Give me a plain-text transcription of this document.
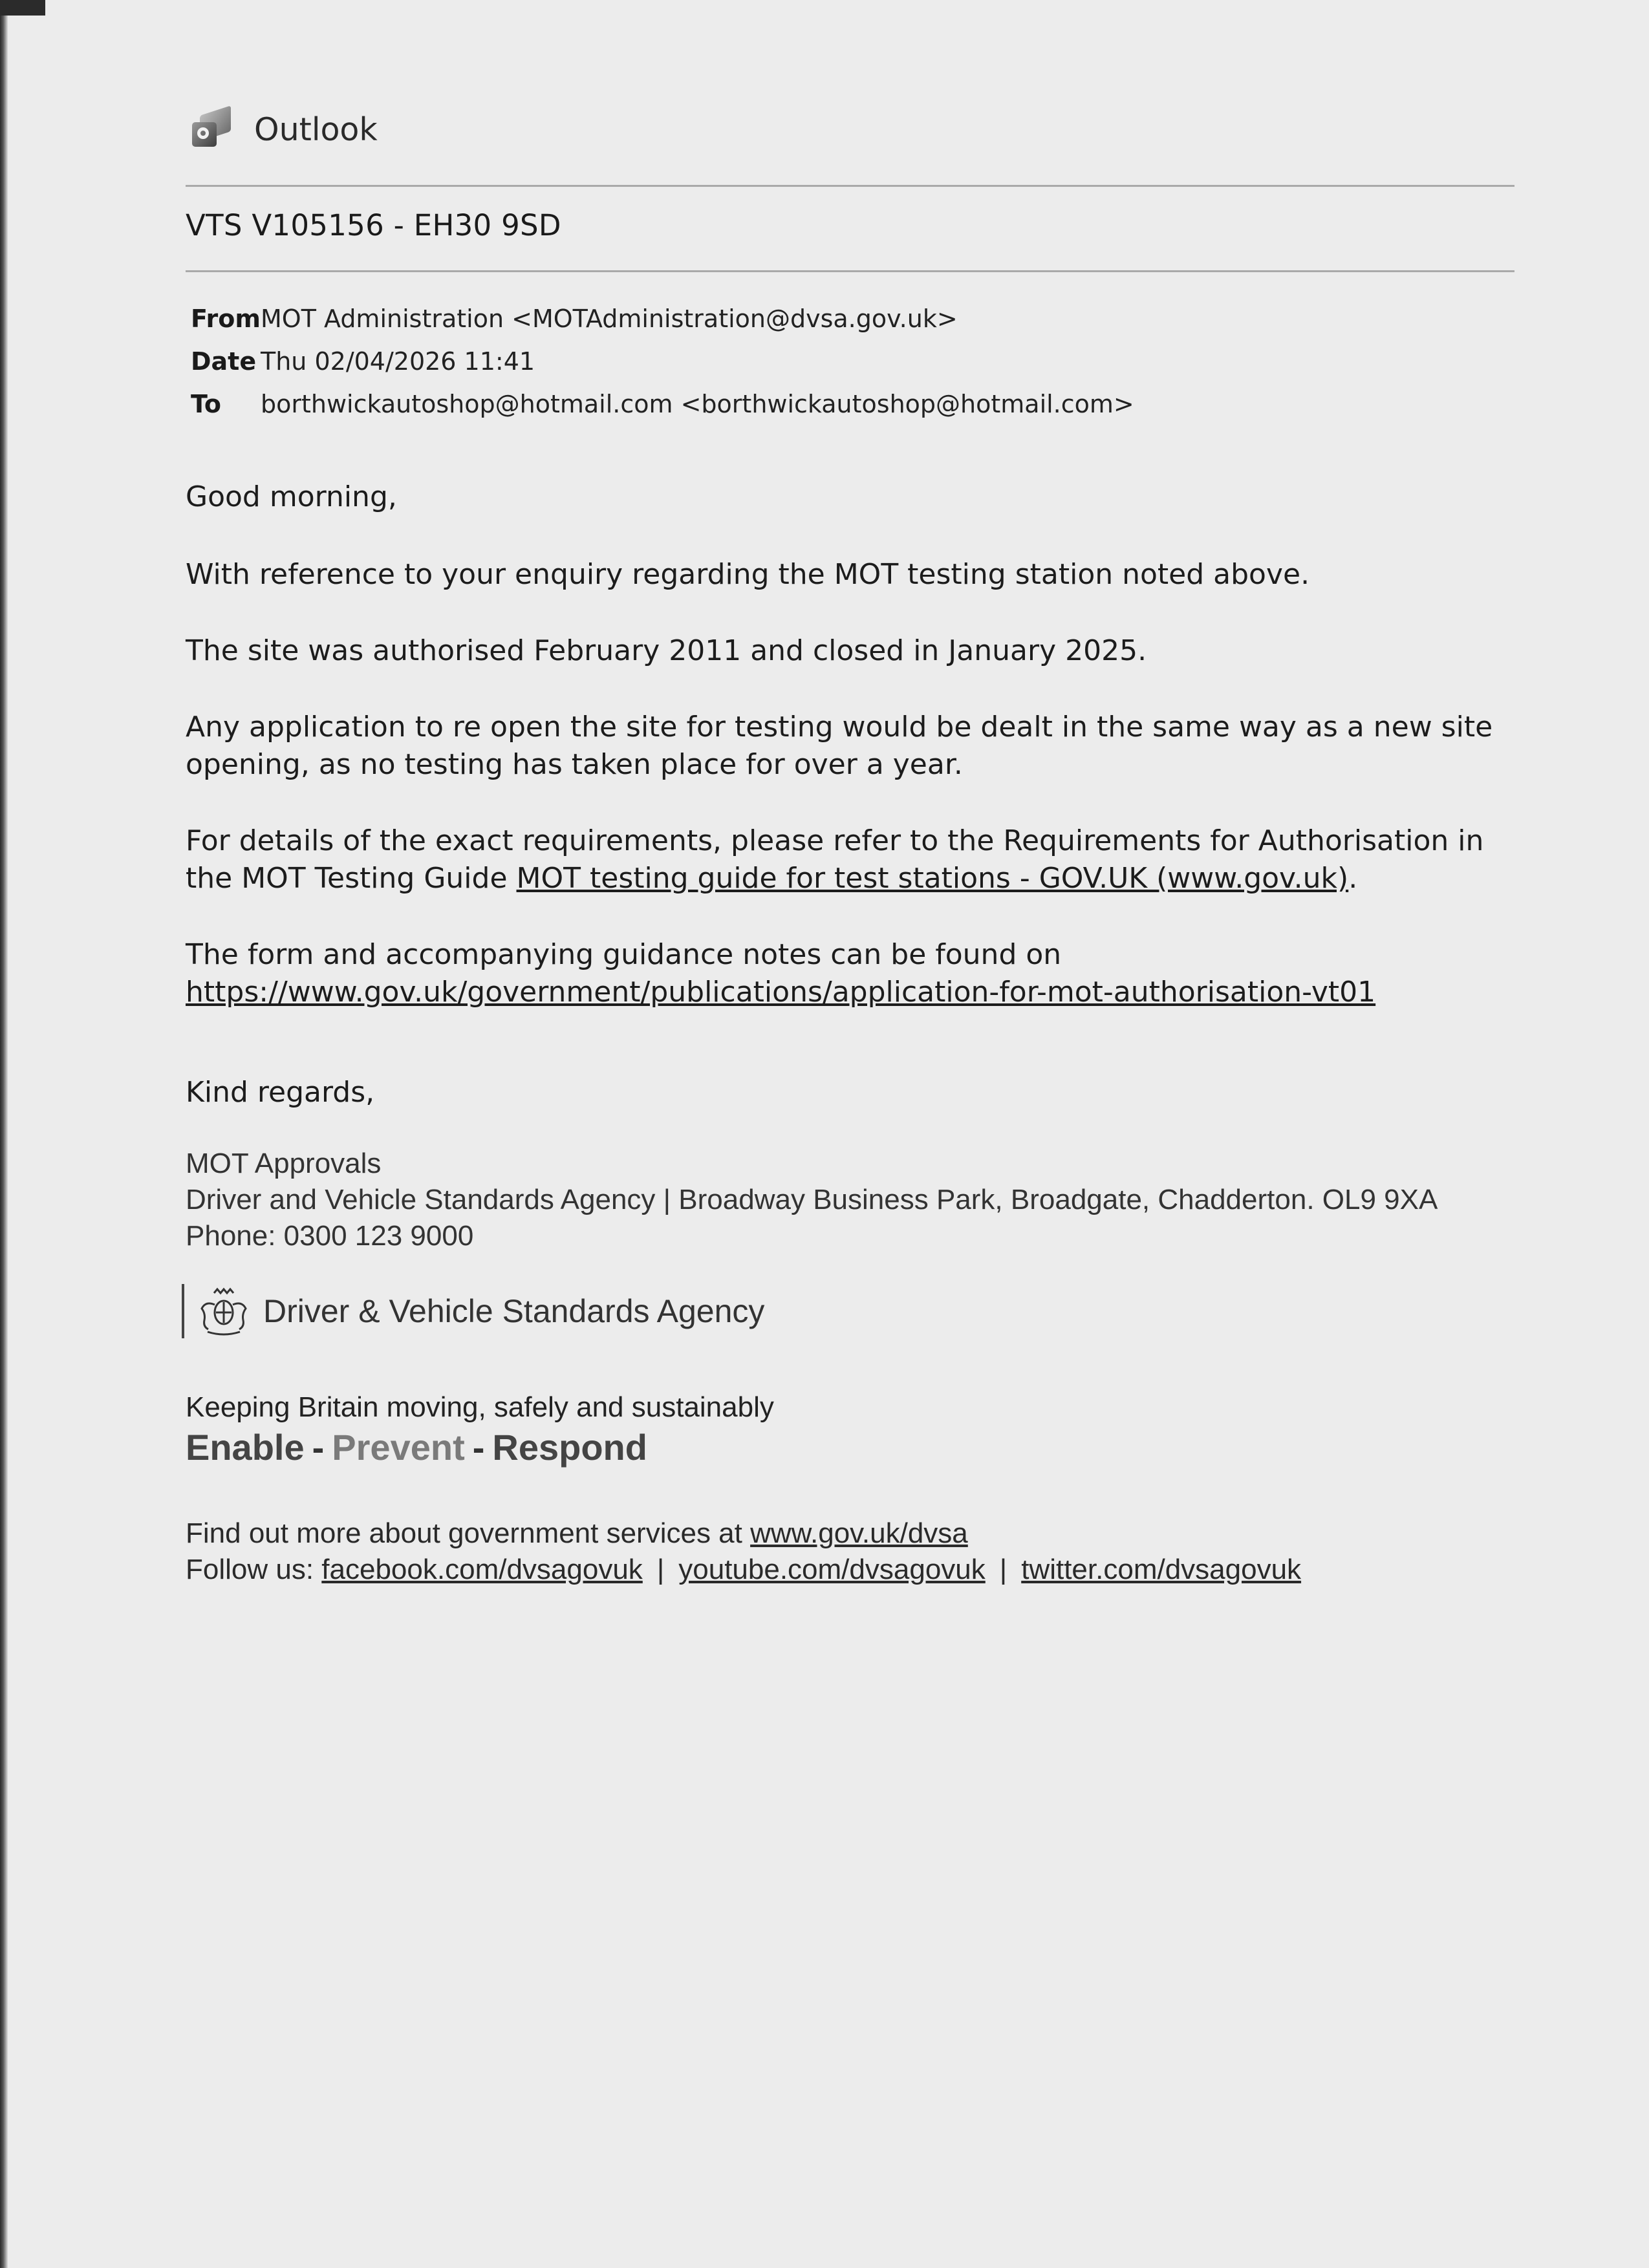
Outlook
VTS V105156 - EH30 9SD
From MOT Administration <MOTAdministration@dvsa.gov.uk>
Date Thu 02/04/2026 11:41
To	borthwickautoshop@hotmail.com <borthwickautoshop@hotmail.com>

Good morning,

With reference to your enquiry regarding the MOT testing station noted above.

The site was authorised February 2011 and closed in January 2025.

Any application to re open the site for testing would be dealt in the same way as a new site opening, as no testing has taken place for over a year.

For details of the exact requirements, please refer to the Requirements for Authorisation in the MOT Testing Guide MOT testing guide for test stations - GOV.UK (www.gov.uk).

The form and accompanying guidance notes can be found on
https://www.gov.uk/government/publications/application-for-mot-authorisation-vt01

Kind regards,
MOT Approvals
Driver and Vehicle Standards Agency | Broadway Business Park, Broadgate, Chadderton. OL9 9XA
Phone: 0300 123 9000
Driver & Vehicle Standards Agency
Keeping Britain moving, safely and sustainably
Enable - Prevent - Respond
Find out more about government services at www.gov.uk/dvsa
Follow us: facebook.com/dvsagovuk | youtube.com/dvsagovuk | twitter.com/dvsagovuk
